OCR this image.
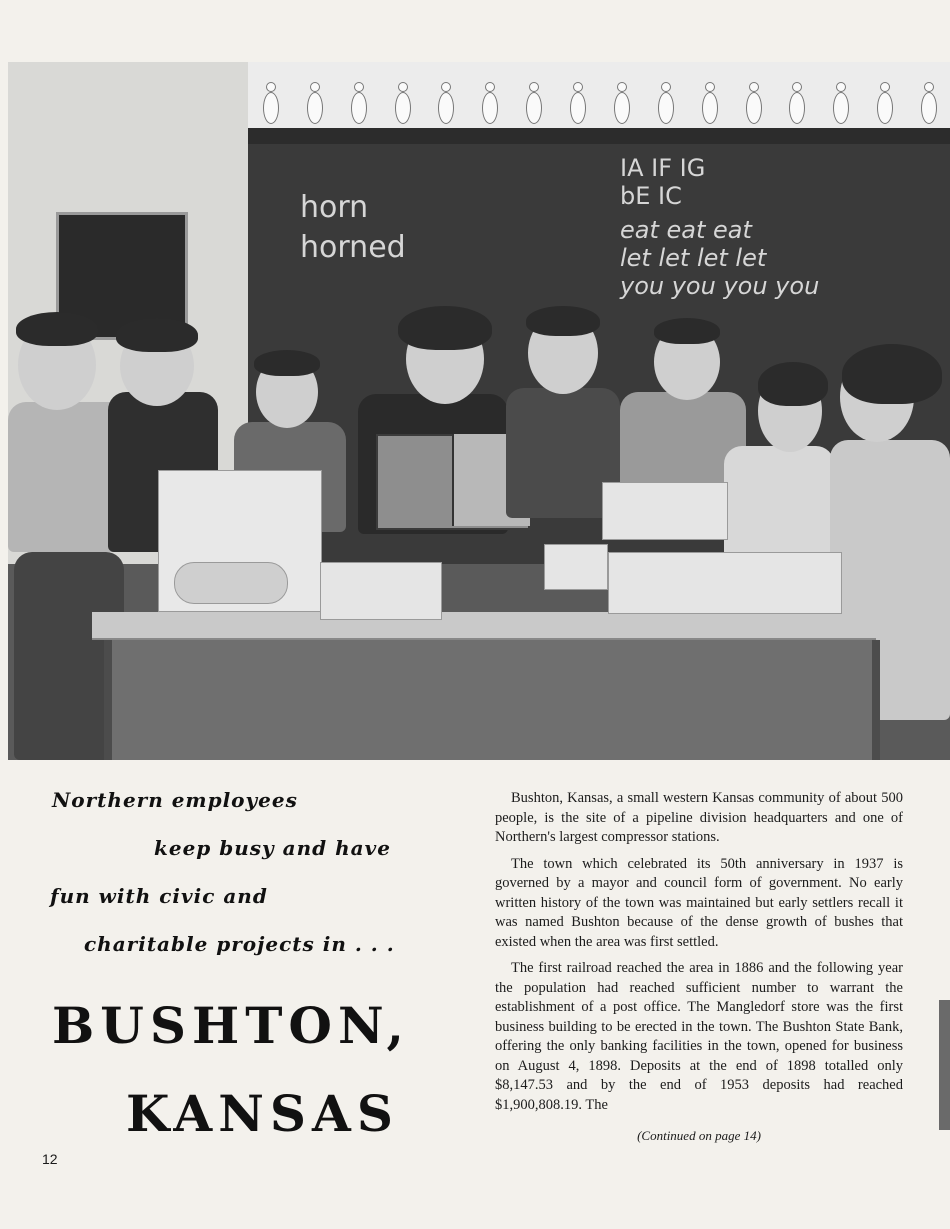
horn
horned
IA IF IG
bE IC
eat eat eat
let let let let
you you you you

Northern employees

keep busy and have

fun with civic and

charitable projects in . . .

BUSHTON,
KANSAS

Bushton, Kansas, a small western Kansas community of about 500 people, is the site of a pipeline division headquarters and one of Northern's largest compressor stations.

The town which celebrated its 50th anniversary in 1937 is governed by a mayor and council form of government. No early written history of the town was maintained but early settlers recall it was named Bushton because of the dense growth of bushes that existed when the area was first settled.

The first railroad reached the area in 1886 and the following year the population had reached sufficient number to warrant the establishment of a post office. The Mangledorf store was the first business building to be erected in the town. The Bushton State Bank, offering the only banking facilities in the town, opened for business on August 4, 1898. Deposits at the end of 1898 totalled only $8,147.53 and by the end of 1953 deposits had reached $1,900,808.19. The

(Continued on page 14)
12
